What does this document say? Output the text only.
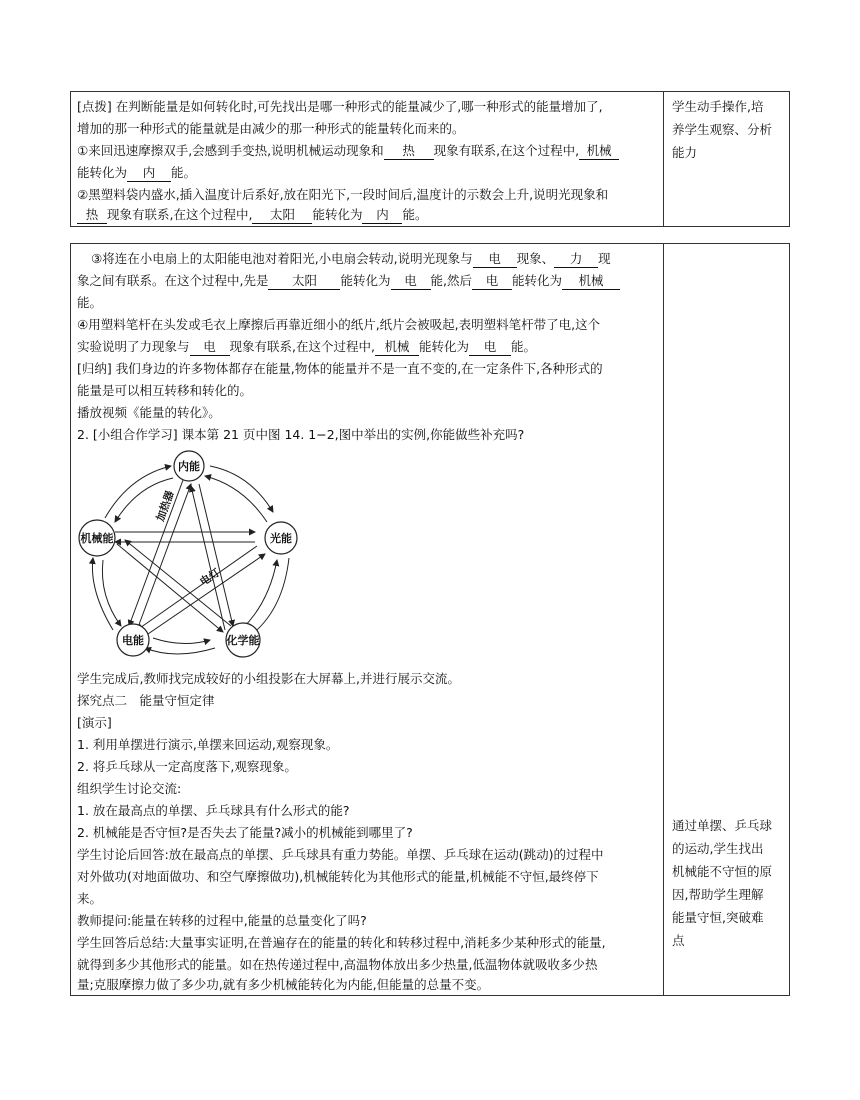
[点拨] 在判断能量是如何转化时,可先找出是哪一种形式的能量减少了,哪一种形式的能量增加了,
增加的那一种形式的能量就是由减少的那一种形式的能量转化而来的。
①来回迅速摩擦双手,会感到手变热,说明机械运动现象和 热 现象有联系,在这个过程中, 机械
能转化为 内 能。
②黑塑料袋内盛水,插入温度计后系好,放在阳光下,一段时间后,温度计的示数会上升,说明光现象和
热 现象有联系,在这个过程中, 太阳 能转化为 内 能。
学生动手操作,培
养学生观察、分析
能力
③将连在小电扇上的太阳能电池对着阳光,小电扇会转动,说明光现象与 电 现象、 力 现
象之间有联系。在这个过程中,先是 太阳 能转化为 电 能,然后 电 能转化为 机械
能。
④用塑料笔杆在头发或毛衣上摩擦后再靠近细小的纸片,纸片会被吸起,表明塑料笔杆带了电,这个
实验说明了力现象与 电 现象有联系,在这个过程中, 机械 能转化为 电 能。
[归纳] 我们身边的许多物体都存在能量,物体的能量并不是一直不变的,在一定条件下,各种形式的
能量是可以相互转移和转化的。
播放视频《能量的转化》。
2. [小组合作学习] 课本第 21 页中图 14. 1−2,图中举出的实例,你能做些补充吗?
内能
光能
化学能
电能
机械能
加热器
电灯
学生完成后,教师找完成较好的小组投影在大屏幕上,并进行展示交流。
探究点二　能量守恒定律
[演示]
1. 利用单摆进行演示,单摆来回运动,观察现象。
2. 将乒乓球从一定高度落下,观察现象。
组织学生讨论交流:
1. 放在最高点的单摆、乒乓球具有什么形式的能?
2. 机械能是否守恒?是否失去了能量?减小的机械能到哪里了?
学生讨论后回答:放在最高点的单摆、乒乓球具有重力势能。单摆、乒乓球在运动(跳动)的过程中
对外做功(对地面做功、和空气摩擦做功),机械能转化为其他形式的能量,机械能不守恒,最终停下
来。
教师提问:能量在转移的过程中,能量的总量变化了吗?
学生回答后总结:大量事实证明,在普遍存在的能量的转化和转移过程中,消耗多少某种形式的能量,
就得到多少其他形式的能量。如在热传递过程中,高温物体放出多少热量,低温物体就吸收多少热
量;克服摩擦力做了多少功,就有多少机械能转化为内能,但能量的总量不变。
通过单摆、乒乓球
的运动,学生找出
机械能不守恒的原
因,帮助学生理解
能量守恒,突破难
点
